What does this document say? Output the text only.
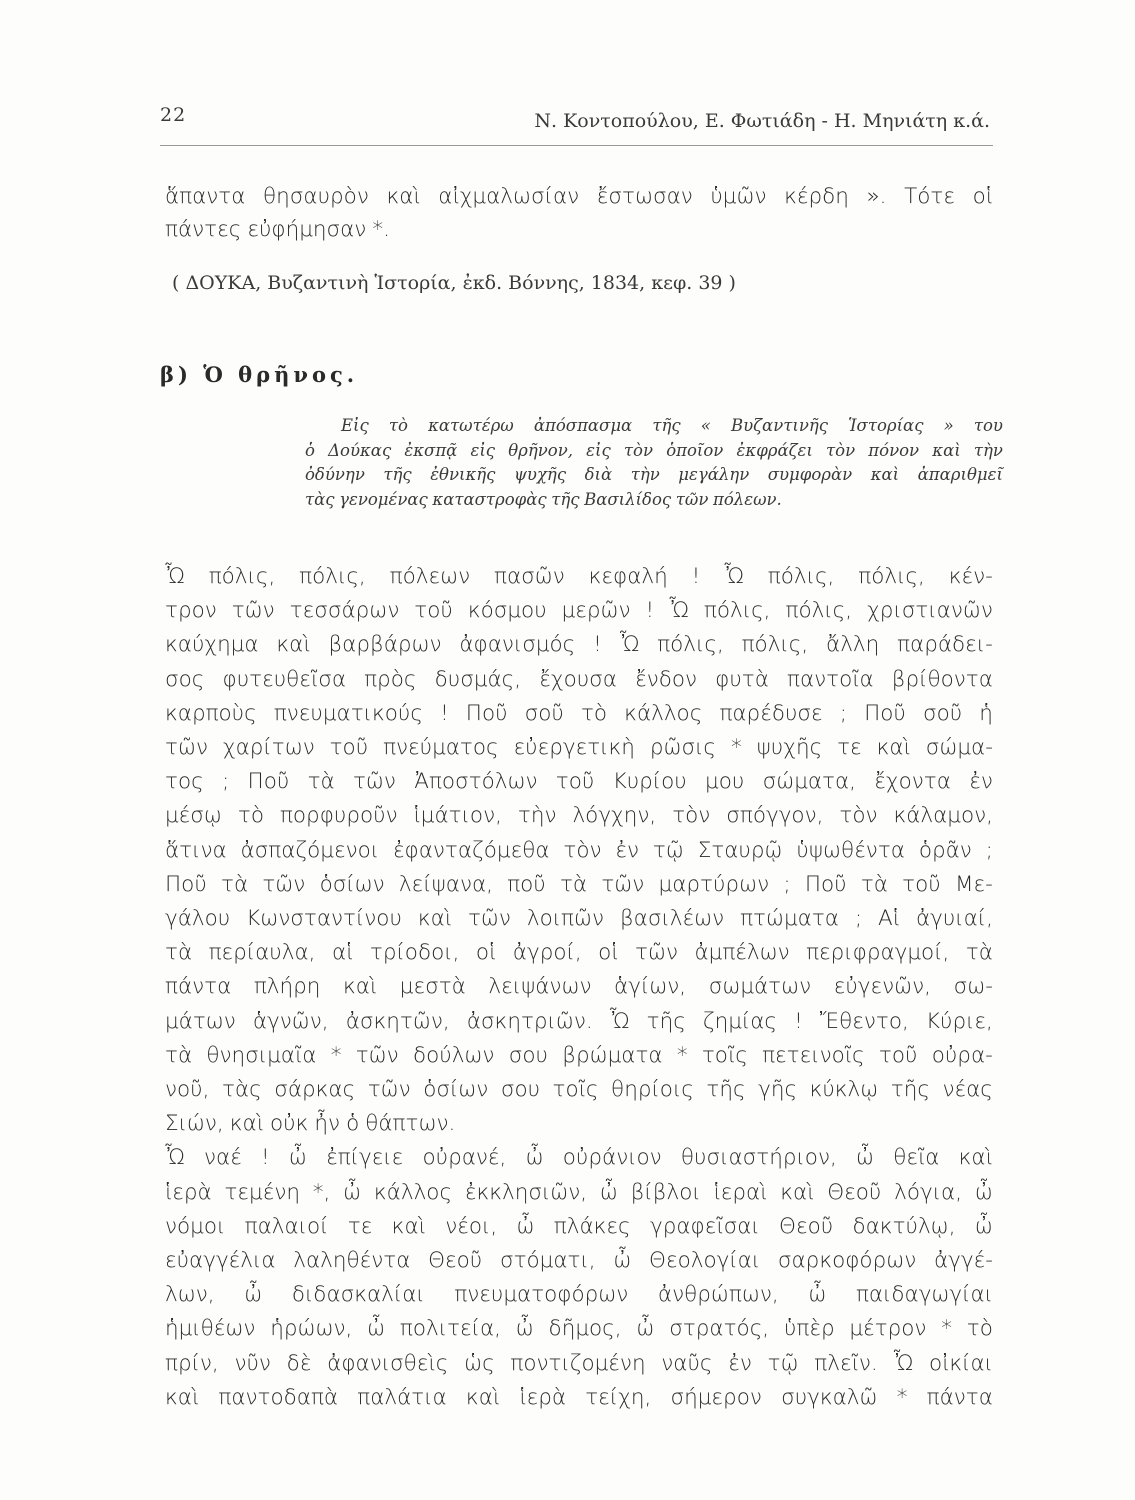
22	Ν. Κοντοπούλου, Ε. Φωτιάδη - Η. Μηνιάτη κ.ά.
ἅπαντα θησαυρὸν καὶ αἰχμαλωσίαν ἔστωσαν ὑμῶν κέρδη ». Τότε οἱ
πάντες εὐφήμησαν *.
( ΔΟΥΚΑ, Βυζαντινὴ Ἱστορία, ἐκδ. Βόννης, 1834, κεφ. 39 )
β) Ὁ θρῆνος.
Εἰς τὸ κατωτέρω ἀπόσπασμα τῆς « Βυζαντινῆς Ἱστορίας » του
ὁ Δούκας ἐκσπᾷ εἰς θρῆνον, εἰς τὸν ὁποῖον ἐκφράζει τὸν πόνον καὶ τὴν
ὀδύνην τῆς ἐθνικῆς ψυχῆς διὰ τὴν μεγάλην συμφορὰν καὶ ἀπαριθμεῖ
τὰς γενομένας καταστροφὰς τῆς Βασιλίδος τῶν πόλεων.
Ὦ πόλις, πόλις, πόλεων πασῶν κεφαλή ! Ὦ πόλις, πόλις, κέν-
τρον τῶν τεσσάρων τοῦ κόσμου μερῶν ! Ὦ πόλις, πόλις, χριστιανῶν
καύχημα καὶ βαρβάρων ἀφανισμός ! Ὦ πόλις, πόλις, ἄλλη παράδει-
σος φυτευθεῖσα πρὸς δυσμάς, ἔχουσα ἔνδον φυτὰ παντοῖα βρίθοντα
καρποὺς πνευματικούς ! Ποῦ σοῦ τὸ κάλλος παρέδυσε ; Ποῦ σοῦ ἡ
τῶν χαρίτων τοῦ πνεύματος εὐεργετικὴ ρῶσις * ψυχῆς τε καὶ σώμα-
τος ; Ποῦ τὰ τῶν Ἀποστόλων τοῦ Κυρίου μου σώματα, ἔχοντα ἐν
μέσῳ τὸ πορφυροῦν ἱμάτιον, τὴν λόγχην, τὸν σπόγγον, τὸν κάλαμον,
ἅτινα ἀσπαζόμενοι ἐφανταζόμεθα τὸν ἐν τῷ Σταυρῷ ὑψωθέντα ὁρᾶν ;
Ποῦ τὰ τῶν ὁσίων λείψανα, ποῦ τὰ τῶν μαρτύρων ; Ποῦ τὰ τοῦ Με-
γάλου Κωνσταντίνου καὶ τῶν λοιπῶν βασιλέων πτώματα ; Αἱ ἀγυιαί,
τὰ περίαυλα, αἱ τρίοδοι, οἱ ἀγροί, οἱ τῶν ἀμπέλων περιφραγμοί, τὰ
πάντα πλήρη καὶ μεστὰ λειψάνων ἁγίων, σωμάτων εὐγενῶν, σω-
μάτων ἁγνῶν, ἀσκητῶν, ἀσκητριῶν. Ὦ τῆς ζημίας ! Ἔθεντο, Κύριε,
τὰ θνησιμαῖα * τῶν δούλων σου βρώματα * τοῖς πετεινοῖς τοῦ οὐρα-
νοῦ, τὰς σάρκας τῶν ὁσίων σου τοῖς θηρίοις τῆς γῆς κύκλῳ τῆς νέας
Σιών, καὶ οὐκ ἦν ὁ θάπτων.
Ὦ ναέ ! ὦ ἐπίγειε οὐρανέ, ὦ οὐράνιον θυσιαστήριον, ὦ θεῖα καὶ
ἱερὰ τεμένη *, ὦ κάλλος ἐκκλησιῶν, ὦ βίβλοι ἱεραὶ καὶ Θεοῦ λόγια, ὦ
νόμοι παλαιοί τε καὶ νέοι, ὦ πλάκες γραφεῖσαι Θεοῦ δακτύλῳ, ὦ
εὐαγγέλια λαληθέντα Θεοῦ στόματι, ὦ Θεολογίαι σαρκοφόρων ἀγγέ-
λων, ὦ διδασκαλίαι πνευματοφόρων ἀνθρώπων, ὦ παιδαγωγίαι
ἡμιθέων ἡρώων, ὦ πολιτεία, ὦ δῆμος, ὦ στρατός, ὑπὲρ μέτρον * τὸ
πρίν, νῦν δὲ ἀφανισθεὶς ὡς ποντιζομένη ναῦς ἐν τῷ πλεῖν. Ὦ οἰκίαι
καὶ παντοδαπὰ παλάτια καὶ ἱερὰ τείχη, σήμερον συγκαλῶ * πάντα
